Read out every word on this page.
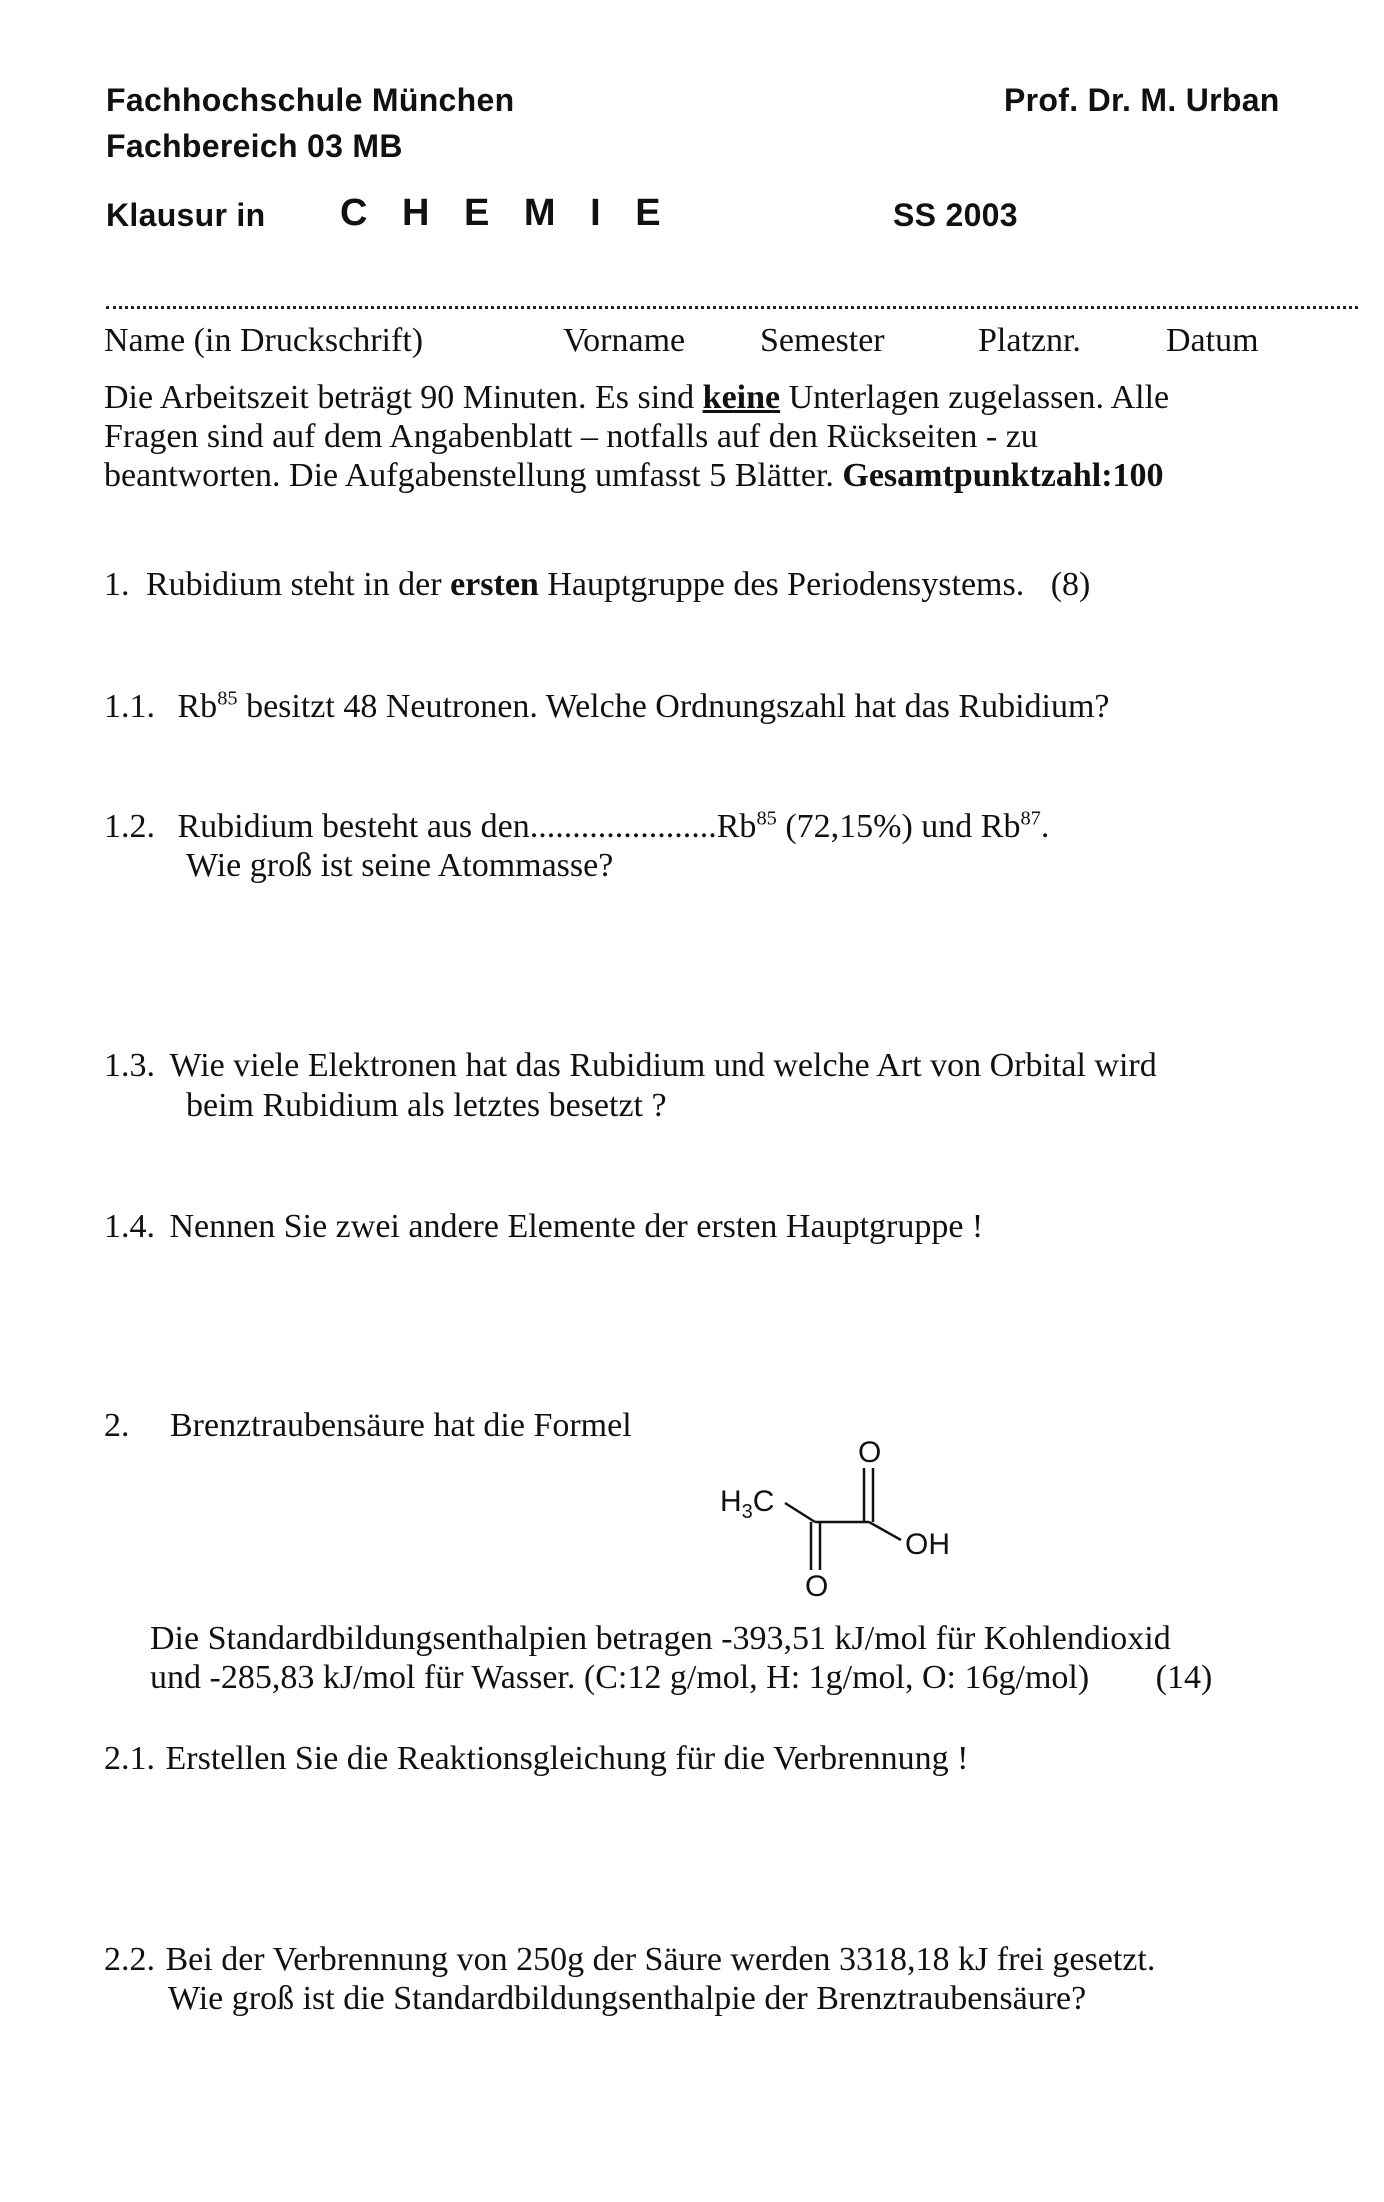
Fachhochschule München
Fachbereich 03 MB
Prof. Dr. M. Urban
Klausur in C H E M I E	SS 2003
Name (in Druckschrift)	Vorname Semester	Platznr.	Datum
Die Arbeitszeit beträgt 90 Minuten. Es sind keine Unterlagen zugelassen. Alle
Fragen sind auf dem Angabenblatt – notfalls auf den Rückseiten - zu
beantworten. Die Aufgabenstellung umfasst 5 Blätter. Gesamtpunktzahl:100
1. Rubidium steht in der ersten Hauptgruppe des Periodensystems. (8)
1.1. Rb$^{85}$ besitzt 48 Neutronen. Welche Ordnungszahl hat das Rubidium?
1.2. Rubidium besteht aus den......................Rb$^{85}$ (72,15%) und Rb$^{87}$.
Wie groß ist seine Atommasse?
1.3. Wie viele Elektronen hat das Rubidium und welche Art von Orbital wird
beim Rubidium als letztes besetzt ?
1.4. Nennen Sie zwei andere Elemente der ersten Hauptgruppe !
2. Brenztraubensäure hat die Formel
$H_3C$
O
O
OH
Die Standardbildungsenthalpien betragen -393,51 kJ/mol für Kohlendioxid
und -285,83 kJ/mol für Wasser. (C:12 g/mol, H: 1g/mol, O: 16g/mol) (14)
2.1. Erstellen Sie die Reaktionsgleichung für die Verbrennung !
2.2. Bei der Verbrennung von 250g der Säure werden 3318,18 kJ frei gesetzt.
Wie groß ist die Standardbildungsenthalpie der Brenztraubensäure?
